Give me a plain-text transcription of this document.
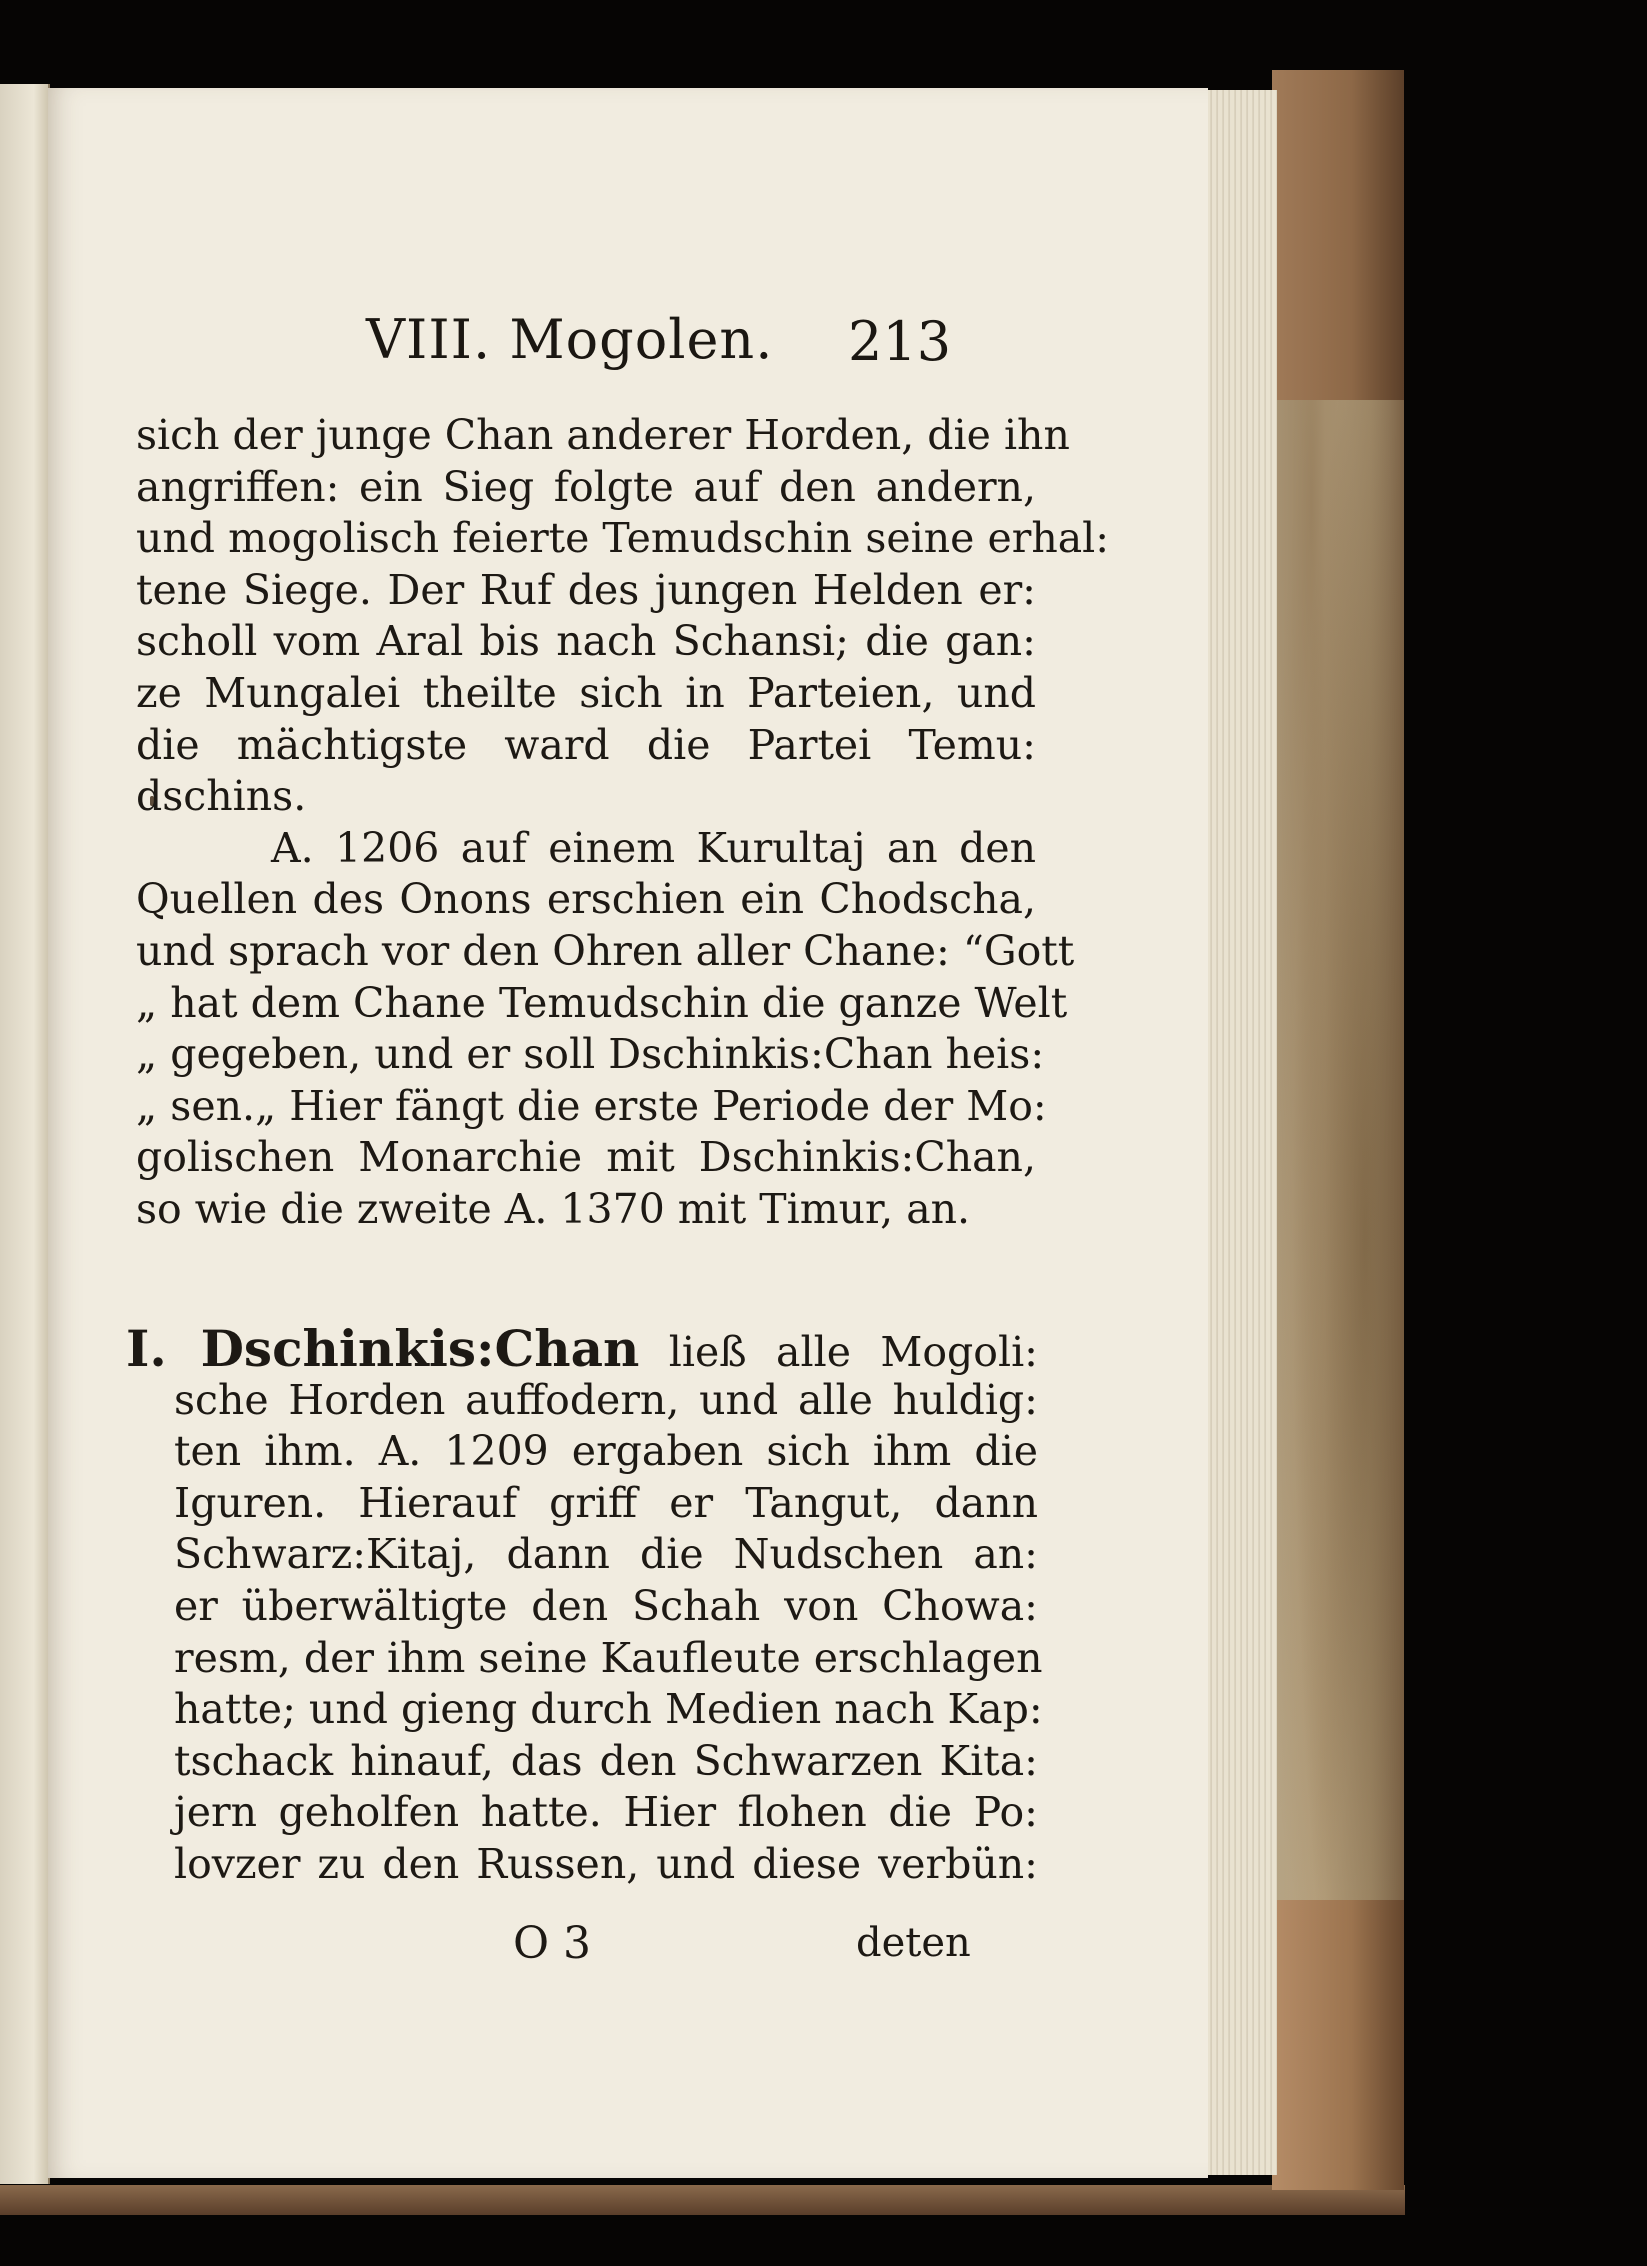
VIII. Mogolen. 213
sich der junge Chan anderer Horden, die ihn
angriffen: ein Sieg folgte auf den andern,
und mogolisch feierte Temudschin seine erhal:
tene Siege. Der Ruf des jungen Helden er:
scholl vom Aral bis nach Schansi; die gan:
ze Mungalei theilte sich in Parteien, und
die mächtigste ward die Partei Temu:
dschins.
A. 1206 auf einem Kurultaj an den
Quellen des Onons erschien ein Chodscha,
und sprach vor den Ohren aller Chane: “Gott
„ hat dem Chane Temudschin die ganze Welt
„ gegeben, und er soll Dschinkis:Chan heis:
„ sen.„ Hier fängt die erste Periode der Mo:
golischen Monarchie mit Dschinkis:Chan,
so wie die zweite A. 1370 mit Timur, an.
I. Dschinkis:Chan ließ alle Mogoli:
sche Horden auffodern, und alle huldig:
ten ihm. A. 1209 ergaben sich ihm die
Iguren. Hierauf griff er Tangut, dann
Schwarz:Kitaj, dann die Nudschen an:
er überwältigte den Schah von Chowa:
resm, der ihm seine Kaufleute erschlagen
hatte; und gieng durch Medien nach Kap:
tschack hinauf, das den Schwarzen Kita:
jern geholfen hatte. Hier flohen die Po:
lovzer zu den Russen, und diese verbün:
O 3	deten
